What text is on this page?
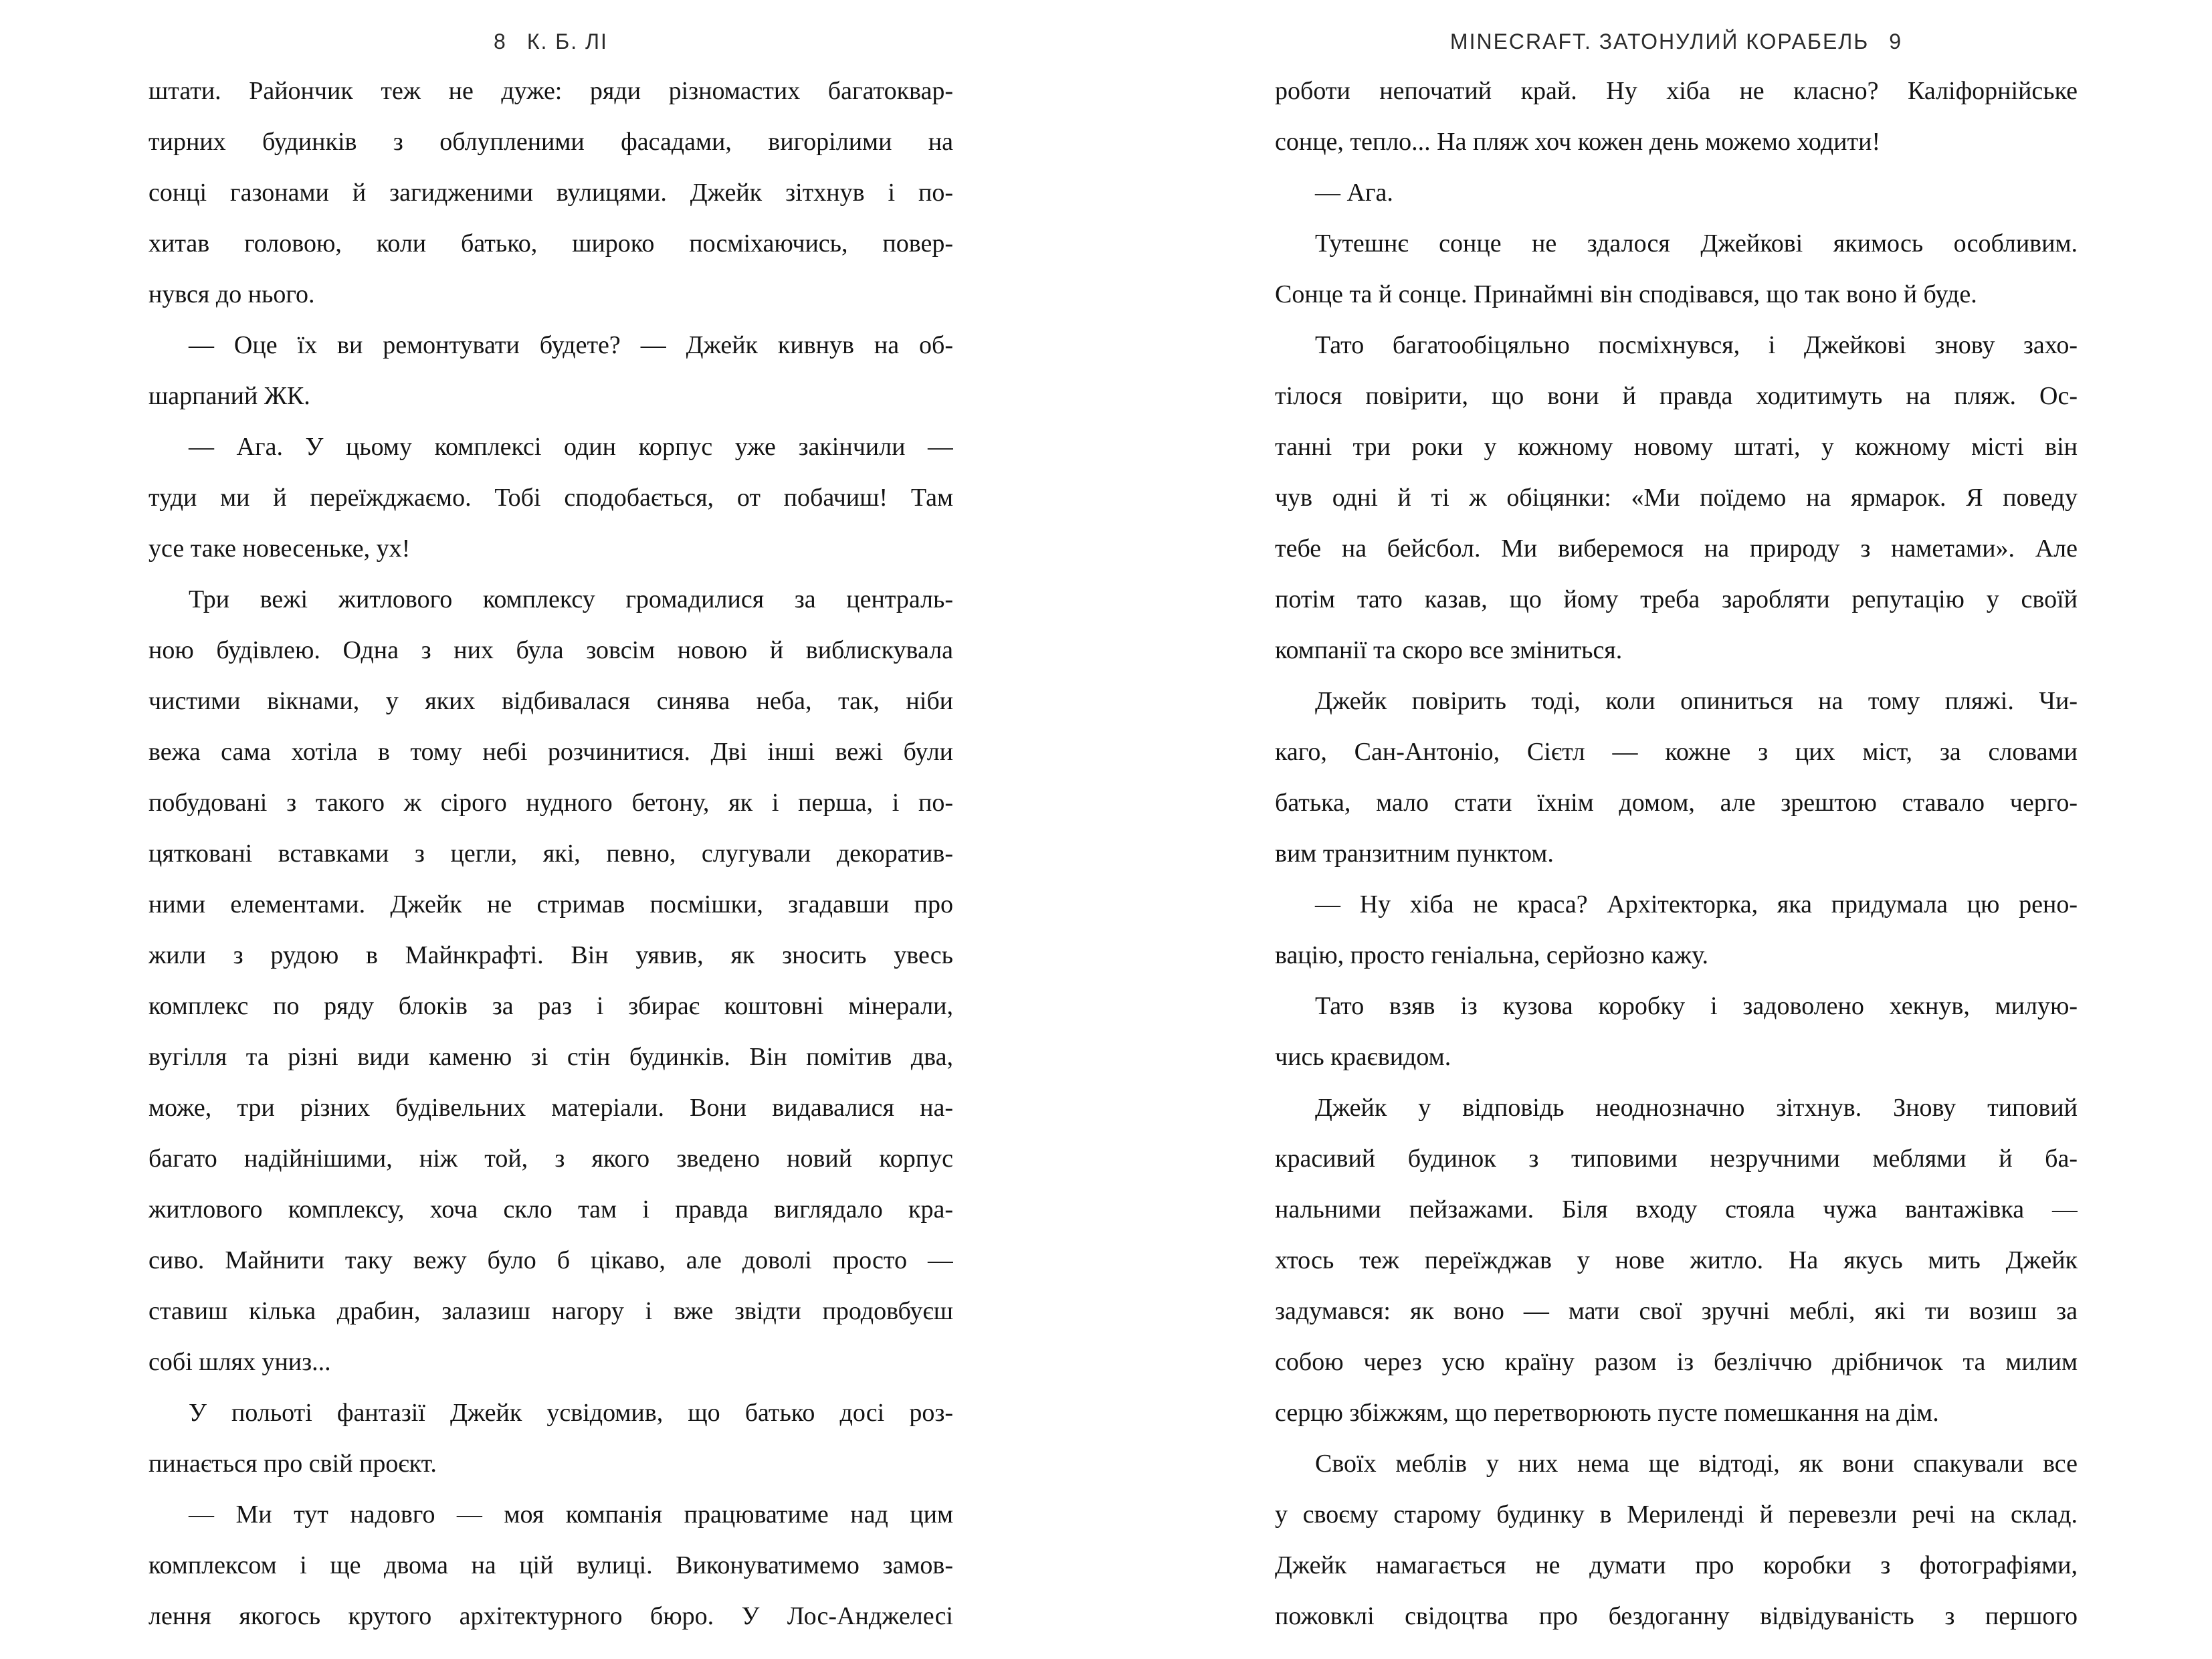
8 К. Б. ЛІ
штати. Райончик теж не дуже: ряди різномастих багатоквар-
тирних будинків з облупленими фасадами, вигорілими на
сонці газонами й загидженими вулицями. Джейк зітхнув і по-
хитав головою, коли батько, широко посміхаючись, повер-
нувся до нього.
— Оце їх ви ремонтувати будете? — Джейк кивнув на об-
шарпаний ЖК.
— Ага. У цьому комплексі один корпус уже закінчили —
туди ми й переїжджаємо. Тобі сподобається, от побачиш! Там
усе таке новесеньке, ух!
Три вежі житлового комплексу громадилися за централь-
ною будівлею. Одна з них була зовсім новою й виблискувала
чистими вікнами, у яких відбивалася синява неба, так, ніби
вежа сама хотіла в тому небі розчинитися. Дві інші вежі були
побудовані з такого ж сірого нудного бетону, як і перша, і по-
цятковані вставками з цегли, які, певно, слугували декоратив-
ними елементами. Джейк не стримав посмішки, згадавши про
жили з рудою в Майнкрафті. Він уявив, як зносить увесь
комплекс по ряду блоків за раз і збирає коштовні мінерали,
вугілля та різні види каменю зі стін будинків. Він помітив два,
може, три різних будівельних матеріали. Вони видавалися на-
багато надійнішими, ніж той, з якого зведено новий корпус
житлового комплексу, хоча скло там і правда виглядало кра-
сиво. Майнити таку вежу було б цікаво, але доволі просто —
ставиш кілька драбин, залазиш нагору і вже звідти продовбуєш
собі шлях униз...
У польоті фантазії Джейк усвідомив, що батько досі роз-
пинається про свій проєкт.
— Ми тут надовго — моя компанія працюватиме над цим
комплексом і ще двома на цій вулиці. Виконуватимемо замов-
лення якогось крутого архітектурного бюро. У Лос-Анджелесі
MINECRAFT. ЗАТОНУЛИЙ КОРАБЕЛЬ 9
роботи непочатий край. Ну хіба не класно? Каліфорнійське
сонце, тепло... На пляж хоч кожен день можемо ходити!
— Ага.
Тутешнє сонце не здалося Джейкові якимось особливим.
Сонце та й сонце. Принаймні він сподівався, що так воно й буде.
Тато багатообіцяльно посміхнувся, і Джейкові знову захо-
тілося повірити, що вони й правда ходитимуть на пляж. Ос-
танні три роки у кожному новому штаті, у кожному місті він
чув одні й ті ж обіцянки: «Ми поїдемо на ярмарок. Я поведу
тебе на бейсбол. Ми виберемося на природу з наметами». Але
потім тато казав, що йому треба заробляти репутацію у своїй
компанії та скоро все зміниться.
Джейк повірить тоді, коли опиниться на тому пляжі. Чи-
каго, Сан-Антоніо, Сієтл — кожне з цих міст, за словами
батька, мало стати їхнім домом, але зрештою ставало черго-
вим транзитним пунктом.
— Ну хіба не краса? Архітекторка, яка придумала цю рено-
вацію, просто геніальна, серйозно кажу.
Тато взяв із кузова коробку і задоволено хекнув, милую-
чись краєвидом.
Джейк у відповідь неоднозначно зітхнув. Знову типовий
красивий будинок з типовими незручними меблями й ба-
нальними пейзажами. Біля входу стояла чужа вантажівка —
хтось теж переїжджав у нове житло. На якусь мить Джейк
задумався: як воно — мати свої зручні меблі, які ти возиш за
собою через усю країну разом із безліччю дрібничок та милим
серцю збіжжям, що перетворюють пусте помешкання на дім.
Своїх меблів у них нема ще відтоді, як вони спакували все
у своєму старому будинку в Мериленді й перевезли речі на склад.
Джейк намагається не думати про коробки з фотографіями,
пожовклі свідоцтва про бездоганну відвідуваність з першого
